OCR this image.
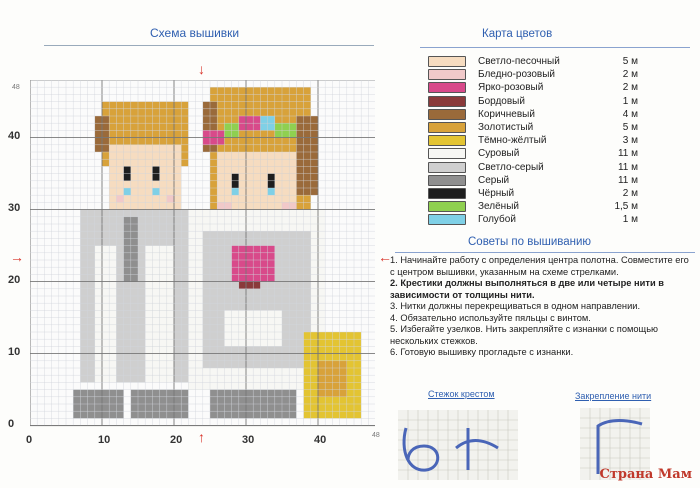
Схема вышивки
↓
↑
→	←
Карта цветов
Светло-песочный	5 м
Бледно-розовый	2 м
Ярко-розовый	2 м
Бордовый	1 м
Коричневый	4 м
Золотистый	5 м
Тёмно-жёлтый	3 м
Суровый	11 м
Светло-серый	11 м
Серый	11 м
Чёрный	2 м
Зелёный	1,5 м
Голубой	1 м
Советы по вышиванию

1. Начинайте работу с определения центра полотна. Совместите его с центром вышивки, указанным на схеме стрелками.

2. Крестики должны выполняться в две или четыре нити в зависимости от толщины нити.

3. Нитки должны перекрещиваться в одном направлении.

4. Обязательно используйте пяльцы с винтом.

5. Избегайте узелков. Нить закрепляйте с изнанки с помощью нескольких стежков.

6. Готовую вышивку прогладьте с изнанки.

Стежок крестом	Закрепление нити
Страна Мам
0	10	20	30	40
0
10
20
30
40
48
48
